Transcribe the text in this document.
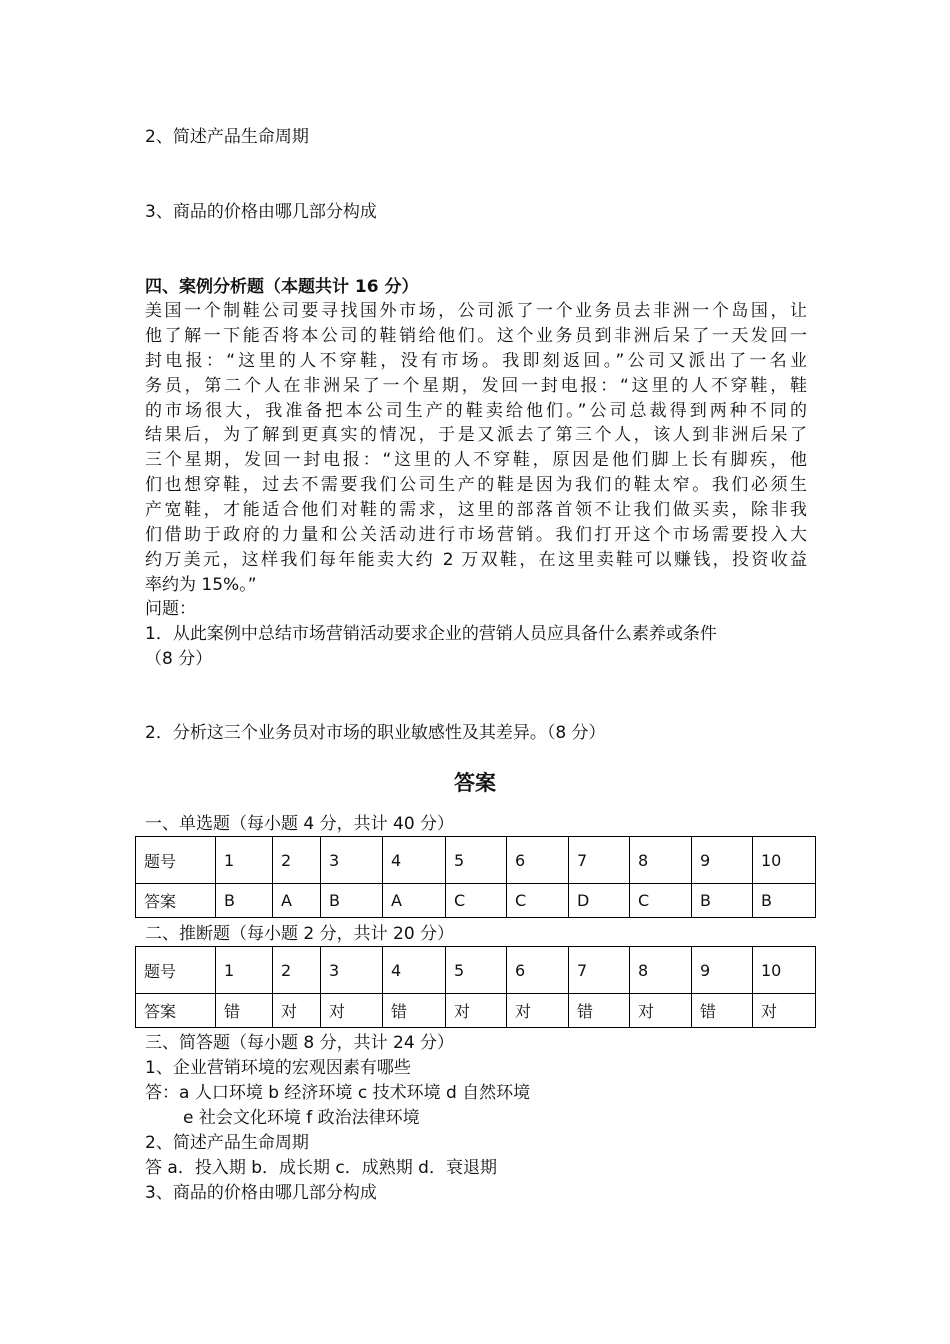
2、简述产品生命周期
3、商品的价格由哪几部分构成
四、案例分析题（本题共计 16 分）
美国一个制鞋公司要寻找国外市场，公司派了一个业务员去非洲一个岛国，让
他了解一下能否将本公司的鞋销给他们。这个业务员到非洲后呆了一天发回一
封电报：“这里的人不穿鞋，没有市场。我即刻返回。”公司又派出了一名业
务员，第二个人在非洲呆了一个星期，发回一封电报：“这里的人不穿鞋，鞋
的市场很大，我准备把本公司生产的鞋卖给他们。”公司总裁得到两种不同的
结果后，为了解到更真实的情况，于是又派去了第三个人，该人到非洲后呆了
三个星期，发回一封电报：“这里的人不穿鞋，原因是他们脚上长有脚疾，他
们也想穿鞋，过去不需要我们公司生产的鞋是因为我们的鞋太窄。我们必须生
产宽鞋，才能适合他们对鞋的需求，这里的部落首领不让我们做买卖，除非我
们借助于政府的力量和公关活动进行市场营销。我们打开这个市场需要投入大
约万美元，这样我们每年能卖大约 2 万双鞋，在这里卖鞋可以赚钱，投资收益
率约为 15%。”
问题：
1．从此案例中总结市场营销活动要求企业的营销人员应具备什么素养或条件
（8 分）
2．分析这三个业务员对市场的职业敏感性及其差异。（8 分）
答案
一、单选题（每小题 4 分，共计 40 分）
题号	1	2	3	4	5	6	7	8	9	10
答案	B	A	B	A	C	C	D	C	B	B
二、推断题（每小题 2 分，共计 20 分）
题号	1	2	3	4	5	6	7	8	9	10
答案	错	对	对	错	对	对	错	对	错	对
三、简答题（每小题 8 分，共计 24 分）
1、企业营销环境的宏观因素有哪些
答：a 人口环境 b 经济环境 c 技术环境 d 自然环境
e 社会文化环境 f 政治法律环境
2、简述产品生命周期
答 a．投入期 b．成长期 c．成熟期 d．衰退期
3、商品的价格由哪几部分构成
